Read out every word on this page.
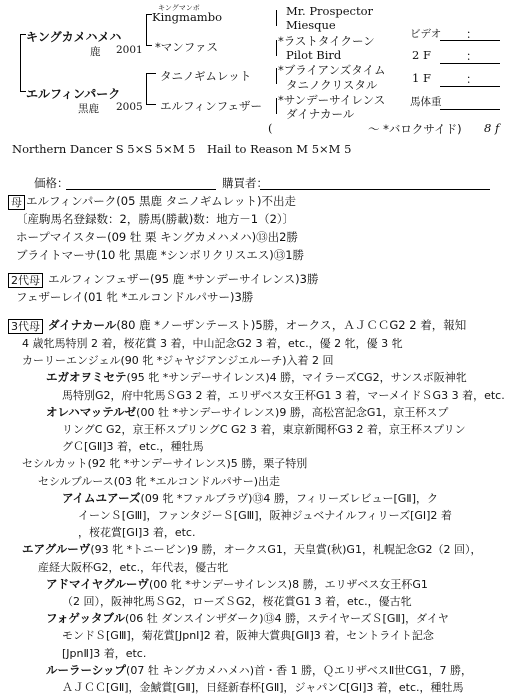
キングカメハメハ
鹿 2001
キングマンボ
Kingmambo
*マンファス
Mr. Prospector
Miesque
*ラストタイクーン
Pilot Bird
エルフィンパーク
黒鹿 2005
タニノギムレット
エルフィンフェザー
*ブライアンズタイム
タニノクリスタル
*サンデーサイレンス
ダイナカール
(	～ *バロクサイド) 8 f
Northern Dancer S 5×S 5×M 5　Hail to Reason M 5×M 5
ビデオ ：
2 F	：
1 F	：
馬体重
価格：	購買者：
母 エルフィンパーク(05 黒鹿 タニノギムレット)不出走
〔産駒馬名登録数：2，勝馬(勝載)数：地方－1（2）〕
ホープマイスター(09 牡 栗 キングカメハメハ)⑬出2勝
ブライトマーサ(10 牝 黒鹿 *シンボリクリスエス)⑬1勝
2代母 エルフィンフェザー(95 鹿 *サンデーサイレンス)3勝
フェザーレイ(01 牝 *エルコンドルパサー)3勝
3代母 ダイナカール(80 鹿 *ノーザンテースト)5勝，オークス，ＡＪＣＣG2 2 着，報知
4 歳牝馬特別 2 着，桜花賞 3 着，中山記念G2 3 着，etc.，優 2 牝，優 3 牝
カーリーエンジェル(90 牝 *ジャヤジアンジエルーチ)入着 2 回
エガオヲミセテ(95 牝 *サンデーサイレンス)4 勝，マイラーズCG2，サンスポ阪神牝
馬特別G2，府中牝馬ＳG3 2 着，エリザベス女王杯G1 3 着，マーメイドＳG3 3 着，etc.
オレハマッテルゼ(00 牡 *サンデーサイレンス)9 勝，高松宮記念G1，京王杯スプ
リングC G2，京王杯スプリングC G2 3 着，東京新聞杯G3 2 着，京王杯スプリン
グＣ[GⅡ]3 着，etc.，種牡馬
セシルカット(92 牝 *サンデーサイレンス)5 勝，栗子特別
セシルブルース(03 牝 *エルコンドルパサー)出走
アイムユアーズ(09 牝 *ファルブラヴ)⑬4 勝，フィリーズレビュー[GⅡ]，ク
イーンＳ[GⅢ]，ファンタジーＳ[GⅢ]，阪神ジュベナイルフィリーズ[GⅠ]2 着
，桜花賞[GⅠ]3 着，etc.
エアグルーヴ(93 牝 *トニービン)9 勝，オークスG1，天皇賞(秋)G1，札幌記念G2（2 回），
産経大阪杯G2，etc.，年代表，優古牝
アドマイヤグルーヴ(00 牝 *サンデーサイレンス)8 勝，エリザベス女王杯G1
（2 回），阪神牝馬ＳG2，ローズＳG2，桜花賞G1 3 着，etc.，優古牝
フォゲッタブル(06 牡 ダンスインザダーク)⑬4 勝，ステイヤーズＳ[GⅡ]，ダイヤ
モンドＳ[GⅢ]，菊花賞[JpnⅠ]2 着，阪神大賞典[GⅡ]3 着，セントライト記念
[JpnⅡ]3 着，etc.
ルーラーシップ(07 牡 キングカメハメハ)首・香 1 勝，ＱエリザベスⅡ世CG1，7 勝，
ＡＪＣＣ[GⅡ]，金鯱賞[GⅡ]，日経新春杯[GⅡ]，ジャパンC[GⅠ]3 着，etc.，種牡馬
